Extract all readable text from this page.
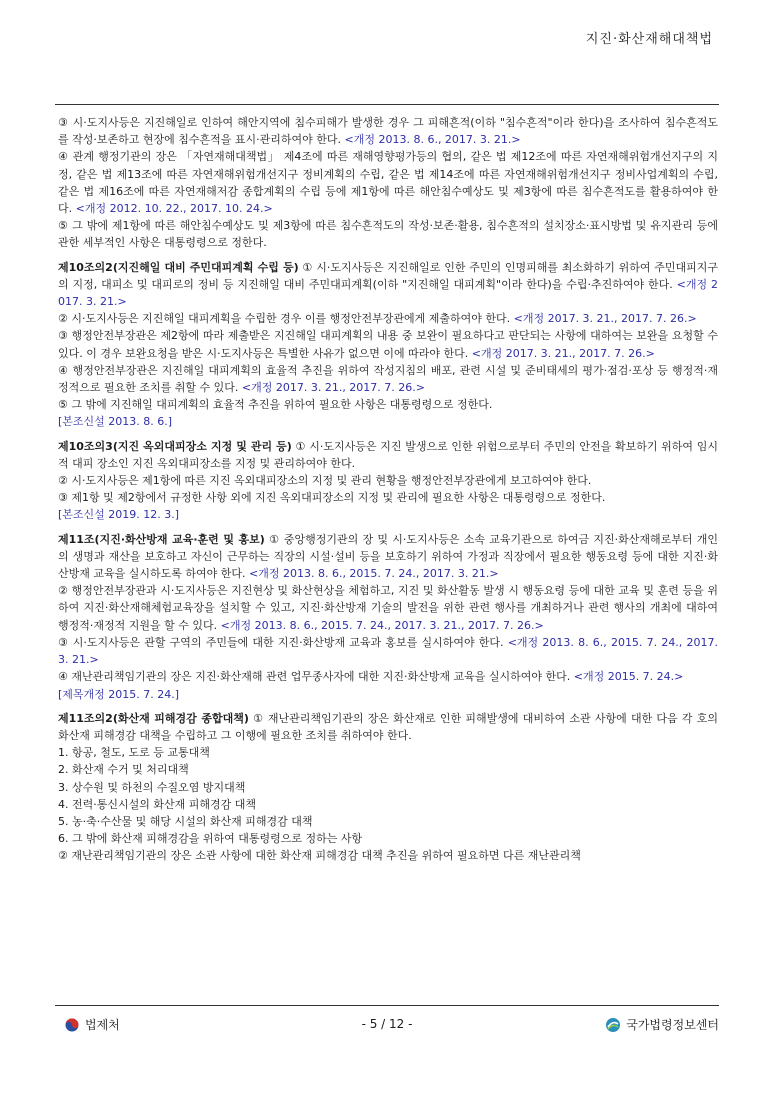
지진·화산재해대책법

③ 시·도지사등은 지진해일로 인하여 해안지역에 침수피해가 발생한 경우 그 피해흔적(이하 "침수흔적"이라 한다)을 조사하여 침수흔적도를 작성·보존하고 현장에 침수흔적을 표시·관리하여야 한다. <개정 2013. 8. 6., 2017. 3. 21.>

④ 관계 행정기관의 장은 「자연재해대책법」 제4조에 따른 재해영향평가등의 협의, 같은 법 제12조에 따른 자연재해위험개선지구의 지정, 같은 법 제13조에 따른 자연재해위험개선지구 정비계획의 수립, 같은 법 제14조에 따른 자연재해위험개선지구 정비사업계획의 수립, 같은 법 제16조에 따른 자연재해저감 종합계획의 수립 등에 제1항에 따른 해안침수예상도 및 제3항에 따른 침수흔적도를 활용하여야 한다. <개정 2012. 10. 22., 2017. 10. 24.>

⑤ 그 밖에 제1항에 따른 해안침수예상도 및 제3항에 따른 침수흔적도의 작성·보존·활용, 침수흔적의 설치장소·표시방법 및 유지관리 등에 관한 세부적인 사항은 대통령령으로 정한다.

제10조의2(지진해일 대비 주민대피계획 수립 등) ① 시·도지사등은 지진해일로 인한 주민의 인명피해를 최소화하기 위하여 주민대피지구의 지정, 대피소 및 대피로의 정비 등 지진해일 대비 주민대피계획(이하 "지진해일 대피계획"이라 한다)을 수립·추진하여야 한다. <개정 2017. 3. 21.>

② 시·도지사등은 지진해일 대피계획을 수립한 경우 이를 행정안전부장관에게 제출하여야 한다. <개정 2017. 3. 21., 2017. 7. 26.>

③ 행정안전부장관은 제2항에 따라 제출받은 지진해일 대피계획의 내용 중 보완이 필요하다고 판단되는 사항에 대하여는 보완을 요청할 수 있다. 이 경우 보완요청을 받은 시·도지사등은 특별한 사유가 없으면 이에 따라야 한다. <개정 2017. 3. 21., 2017. 7. 26.>

④ 행정안전부장관은 지진해일 대피계획의 효율적 추진을 위하여 작성지침의 배포, 관련 시설 및 준비태세의 평가·점검·포상 등 행정적·재정적으로 필요한 조치를 취할 수 있다. <개정 2017. 3. 21., 2017. 7. 26.>

⑤ 그 밖에 지진해일 대피계획의 효율적 추진을 위하여 필요한 사항은 대통령령으로 정한다.

[본조신설 2013. 8. 6.]

제10조의3(지진 옥외대피장소 지정 및 관리 등) ① 시·도지사등은 지진 발생으로 인한 위험으로부터 주민의 안전을 확보하기 위하여 임시적 대피 장소인 지진 옥외대피장소를 지정 및 관리하여야 한다.

② 시·도지사등은 제1항에 따른 지진 옥외대피장소의 지정 및 관리 현황을 행정안전부장관에게 보고하여야 한다.

③ 제1항 및 제2항에서 규정한 사항 외에 지진 옥외대피장소의 지정 및 관리에 필요한 사항은 대통령령으로 정한다.

[본조신설 2019. 12. 3.]

제11조(지진·화산방재 교육·훈련 및 홍보) ① 중앙행정기관의 장 및 시·도지사등은 소속 교육기관으로 하여금 지진·화산재해로부터 개인의 생명과 재산을 보호하고 자신이 근무하는 직장의 시설·설비 등을 보호하기 위하여 가정과 직장에서 필요한 행동요령 등에 대한 지진·화산방재 교육을 실시하도록 하여야 한다. <개정 2013. 8. 6., 2015. 7. 24., 2017. 3. 21.>

② 행정안전부장관과 시·도지사등은 지진현상 및 화산현상을 체험하고, 지진 및 화산활동 발생 시 행동요령 등에 대한 교육 및 훈련 등을 위하여 지진·화산재해체험교육장을 설치할 수 있고, 지진·화산방재 기술의 발전을 위한 관련 행사를 개최하거나 관련 행사의 개최에 대하여 행정적·재정적 지원을 할 수 있다. <개정 2013. 8. 6., 2015. 7. 24., 2017. 3. 21., 2017. 7. 26.>

③ 시·도지사등은 관할 구역의 주민들에 대한 지진·화산방재 교육과 홍보를 실시하여야 한다. <개정 2013. 8. 6., 2015. 7. 24., 2017. 3. 21.>

④ 재난관리책임기관의 장은 지진·화산재해 관련 업무종사자에 대한 지진·화산방재 교육을 실시하여야 한다. <개정 2015. 7. 24.>

[제목개정 2015. 7. 24.]

제11조의2(화산재 피해경감 종합대책) ① 재난관리책임기관의 장은 화산재로 인한 피해발생에 대비하여 소관 사항에 대한 다음 각 호의 화산재 피해경감 대책을 수립하고 그 이행에 필요한 조치를 취하여야 한다.

1. 항공, 철도, 도로 등 교통대책

2. 화산재 수거 및 처리대책

3. 상수원 및 하천의 수질오염 방지대책

4. 전력·통신시설의 화산재 피해경감 대책

5. 농·축·수산물 및 해당 시설의 화산재 피해경감 대책

6. 그 밖에 화산재 피해경감을 위하여 대통령령으로 정하는 사항

② 재난관리책임기관의 장은 소관 사항에 대한 화산재 피해경감 대책 추진을 위하여 필요하면 다른 재난관리책

법제처	- 5 / 12 -	국가법령정보센터
